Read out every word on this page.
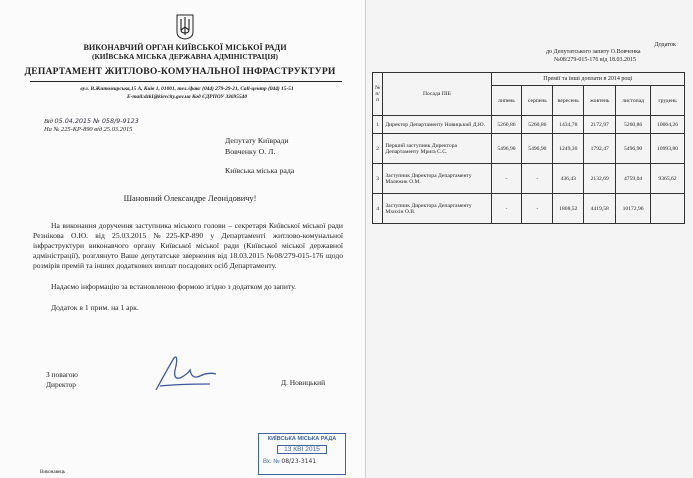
ВИКОНАВЧИЙ ОРГАН КИЇВСЬКОЇ МІСЬКОЇ РАДИ
(КИЇВСЬКА МІСЬКА ДЕРЖАВНА АДМІНІСТРАЦІЯ)
ДЕПАРТАМЕНТ ЖИТЛОВО-КОМУНАЛЬНОЇ ІНФРАСТРУКТУРИ
вул. В.Житомирська,15 А, Київ 1, 01001, тел./факс (044) 279-29-21, Call-центр (044) 15-51
E-mail:dzkI@kievcity.gov.ua Код ЄДРПОУ 33695540
Від 05.04.2015 № 058/9-9123
На № 225-КР-890 від 25.03.2015
Депутату Київради
Вовченку О. Л.
Київська міська рада
Шановний Олександре Леонідовичу!
На виконання доручення заступника міського голови – секретаря Київської міської ради Резнікова О.Ю. від 25.03.2015 №225-КР-890 у Департаменті житлово-комунальної інфраструктури виконавчого органу Київської міської ради (Київської міської державної адміністрації), розглянуто Ваше депутатське звернення від 18.03.2015 №08/279-015-176 щодо розмірів премій та інших додаткових виплат посадових осіб Департаменту.
Надаємо інформацію за встановленою формою згідно з додатком до запиту.
Додаток в 1 прим. на 1 арк.
З повагою
Директор	Д. Новицький
КИЇВСЬКА МІСЬКА РАДА
13 КВІ 2015
Вх. № 08/23-3141
Виконавець
Додаток
до Депутатського запиту О.Вовченка
№08/279-015-176 від 18.03.2015
№ п/п	Посада ПІБ	Премії та інші доплати в 2014 році					
		липень	серпень	вересень	жовтень	листопад	грудень
1	Директор Департаменту Новицький Д.Ю.	5260,86	5260,86	1434,78	2172,97	5260,86	10064,26
2	Перший заступник Директора Департаменту Мриґа С.С.	5496,90	5496,90	1249,30	1792,47	5496,90	10993,80
3	Заступник Директора Департаменту Малежик О.М.	-	-	436,43	2132,69	4759,04	9365,62
4	Заступник Директора Департаменту Мхихін О.В.	-	-	1808,52	4419,58	10172,96	
